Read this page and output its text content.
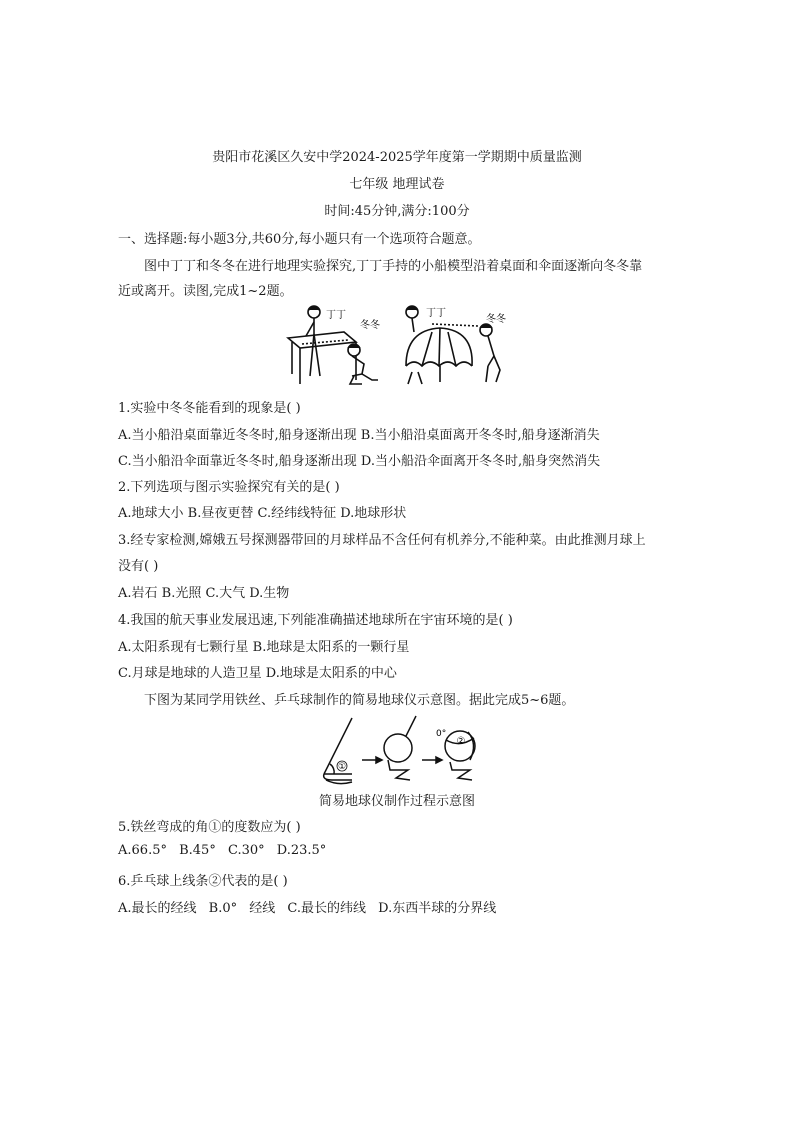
贵阳市花溪区久安中学2024-2025学年度第一学期期中质量监测
七年级 地理试卷
时间:45分钟,满分:100分
一、选择题:每小题3分,共60分,每小题只有一个选项符合题意。
图中丁丁和冬冬在进行地理实验探究,丁丁手持的小船模型沿着桌面和伞面逐渐向冬冬靠
近或离开。读图,完成1~2题。
丁丁
冬冬
丁丁
冬冬
1.实验中冬冬能看到的现象是( )
A.当小船沿桌面靠近冬冬时,船身逐渐出现 B.当小船沿桌面离开冬冬时,船身逐渐消失
C.当小船沿伞面靠近冬冬时,船身逐渐出现 D.当小船沿伞面离开冬冬时,船身突然消失
2.下列选项与图示实验探究有关的是( )
A.地球大小 B.昼夜更替 C.经纬线特征 D.地球形状
3.经专家检测,嫦娥五号探测器带回的月球样品不含任何有机养分,不能种菜。由此推测月球上
没有( )
A.岩石 B.光照 C.大气 D.生物
4.我国的航天事业发展迅速,下列能准确描述地球所在宇宙环境的是( )
A.太阳系现有七颗行星 B.地球是太阳系的一颗行星
C.月球是地球的人造卫星 D.地球是太阳系的中心
下图为某同学用铁丝、乒乓球制作的简易地球仪示意图。据此完成5~6题。
①
0°
②
简易地球仪制作过程示意图
5.铁丝弯成的角①的度数应为( )
A.66.5° B.45° C.30° D.23.5°
6.乒乓球上线条②代表的是( )
A.最长的经线 B.0° 经线 C.最长的纬线 D.东西半球的分界线
